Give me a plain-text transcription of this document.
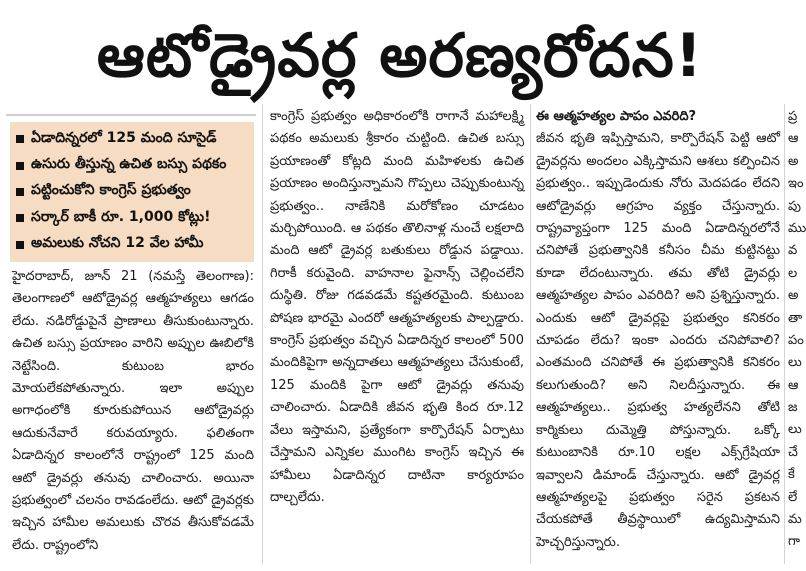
ఆటోడ్రైవర్ల అరణ్యరోదన!
ఏడాదిన్నరలో 125 మంది సూసైడ్
ఉసురు తీస్తున్న ఉచిత బస్సు పథకం
పట్టించుకోని కాంగ్రెస్ ప్రభుత్వం
సర్కార్ బాకీ రూ. 1,000 కోట్లు!
అమలుకు నోచని 12 వేల హామీ

హైదరాబాద్, జూన్ 21 (నమస్తే తెలంగాణ): తెలంగాణలో ఆటోడ్రైవర్ల ఆత్మహత్యలు ఆగడం లేదు. నడిరోడ్డుపైనే ప్రాణాలు తీసుకుంటున్నారు. ఉచిత బస్సు ప్రయాణం వారిని అప్పుల ఊబిలోకి నెట్టేసింది. కుటుంబ భారం మోయలేకపోతున్నారు. ఇలా అప్పుల అగాధంలోకి కూరుకుపోయిన ఆటోడ్రైవర్లు ఆదుకునేవారే కరువయ్యారు. ఫలితంగా ఏడాదిన్నర కాలంలోనే రాష్ట్రంలో 125 మంది ఆటో డ్రైవర్లు తనువు చాలించారు. అయినా ప్రభుత్వంలో చలనం రావడంలేదు. ఆటో డ్రైవర్లకు ఇచ్చిన హామీల అమలుకు చొరవ తీసుకోవడమే లేదు. రాష్ట్రంలోని

కాంగ్రెస్ ప్రభుత్వం అధికారంలోకి రాగానే మహాలక్ష్మి పథకం అమలుకు శ్రీకారం చుట్టింది. ఉచిత బస్సు ప్రయాణంతో కోట్లది మంది మహిళలకు ఉచిత ప్రయాణం అందిస్తున్నామని గొప్పలు చెప్పుకుంటున్న ప్రభుత్వం.. నాణేనికి మరోకోణం చూడటం మర్చిపోయింది. ఆ పథకం తొలినాళ్ల నుంచే లక్షలాది మంది ఆటో డ్రైవర్ల బతుకులు రోడ్డున పడ్డాయి. గిరాకీ కరువైంది. వాహనాల ఫైనాన్స్ చెల్లించలేని దుస్థితి. రోజు గడవడమే కష్టతరమైంది. కుటుంబ పోషణ భారమై ఎందరో ఆత్మహత్యలకు పాల్పడ్డారు. కాంగ్రెస్ ప్రభుత్వం వచ్చిన ఏడాదిన్నర కాలంలో 500 మందికిపైగా అన్నదాతలు ఆత్మహత్యలు చేసుకుంటే, 125 మందికి పైగా ఆటో డ్రైవర్లు తనువు చాలించారు. ఏడాదికి జీవన భృతి కింద రూ.12 వేలు ఇస్తామని, ప్రత్యేకంగా కార్పొరేషన్ ఏర్పాటు చేస్తామని ఎన్నికల ముంగిట కాంగ్రెస్ ఇచ్చిన ఈ హామీలు ఏడాదిన్నర దాటినా కార్యరూపం దాల్చలేదు.

ఈ ఆత్మహత్యల పాపం ఎవరిది?

జీవన భృతి ఇప్పిస్తామని, కార్పొరేషన్ పెట్టి ఆటో డ్రైవర్లను అందలం ఎక్కిస్తామని ఆశలు కల్పించిన ప్రభుత్వం.. ఇప్పుడెందుకు నోరు మెదపడం లేదని ఆటోడ్రైవర్లు ఆగ్రహం వ్యక్తం చేస్తున్నారు. రాష్ట్రవ్యాప్తంగా 125 మంది ఏడాదిన్నరలోనే చనిపోతే ప్రభుత్వానికి కనీసం చీమ కుట్టినట్టు కూడా లేదంటున్నారు. తమ తోటి డ్రైవర్లు ఆత్మహత్యల పాపం ఎవరిది? అని ప్రశ్నిస్తున్నారు. ఎందుకు ఆటో డ్రైవర్లపై ప్రభుత్వం కనికరం చూపడం లేదు? ఇంకా ఎందరు చనిపోవాలి? ఎంతమంది చనిపోతే ఈ ప్రభుత్వానికి కనికరం కలుగుతుంది? అని నిలదీస్తున్నారు. ఈ ఆత్మహత్యలు.. ప్రభుత్వ హత్యలేనని తోటి కార్మికులు దుమ్మెత్తి పోస్తున్నారు. ఒక్కో కుటుంబానికి రూ.10 లక్షల ఎక్స్‌గ్రేషియా ఇవ్వాలని డిమాండ్ చేస్తున్నారు. ఆటో డ్రైవర్ల ఆత్మహత్యలపై ప్రభుత్వం సరైన ప్రకటన చేయకపోతే తీవ్రస్థాయిలో ఉద్యమిస్తామని హెచ్చరిస్తున్నారు.

ప్ర
ఆ
అ
ఇం
పు
ము
వ
ల
అ
తా
పం
లు
ఆ
జ
లు
చే
కే
లే
మ
గా
